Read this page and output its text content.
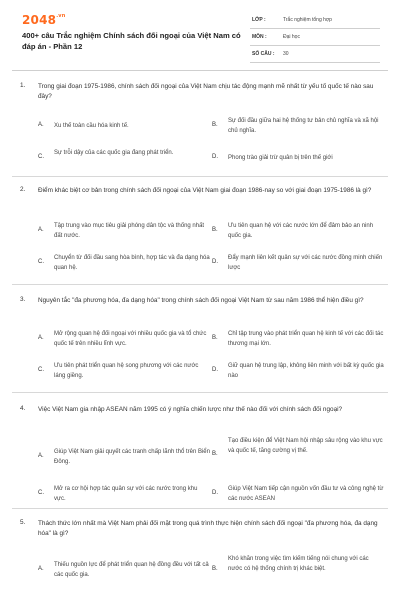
$2048^{.vn}$
400+ câu Trắc nghiệm Chính sách đối ngoại của Việt Nam có đáp án - Phần 12
LỚP :	Trắc nghiệm tổng hợp
MÔN :	Đại học
SỐ CÂU : 30
1. Trong giai đoạn 1975-1986, chính sách đối ngoại của Việt Nam chịu tác động mạnh mẽ nhất từ yếu tố quốc tế nào sau đây?
A. Xu thế toàn cầu hóa kinh tế.	B.
Sự đối đầu giữa hai hệ thống tư bản chủ nghĩa và xã hội chủ nghĩa.
C.
Sự trỗi dậy của các quốc gia đang phát triển.
D. Phong trào giải trừ quân bị trên thế giới
2. Điểm khác biệt cơ bản trong chính sách đối ngoại của Việt Nam giai đoạn 1986-nay so với giai đoạn 1975-1986 là gì?
A.
Tập trung vào mục tiêu giải phóng dân tộc và thống nhất đất nước.
B.
Ưu tiên quan hệ với các nước lớn để đảm bảo an ninh quốc gia.
C.
Chuyển từ đối đầu sang hòa bình, hợp tác và đa dạng hóa quan hệ.
D.
Đẩy mạnh liên kết quân sự với các nước đồng minh chiến lược
3. Nguyên tắc "đa phương hóa, đa dạng hóa" trong chính sách đối ngoại Việt Nam từ sau năm 1986 thể hiện điều gì?
A.
Mở rộng quan hệ đối ngoại với nhiều quốc gia và tổ chức quốc tế trên nhiều lĩnh vực.
B.
Chỉ tập trung vào phát triển quan hệ kinh tế với các đối tác thương mại lớn.
C.
Ưu tiên phát triển quan hệ song phương với các nước láng giềng.
D.
Giữ quan hệ trung lập, không liên minh với bất kỳ quốc gia nào
4. Việc Việt Nam gia nhập ASEAN năm 1995 có ý nghĩa chiến lược như thế nào đối với chính sách đối ngoại?
A.
Giúp Việt Nam giải quyết các tranh chấp lãnh thổ trên Biển Đông.
B.
Tạo điều kiện để Việt Nam hội nhập sâu rộng vào khu vực và quốc tế, tăng cường vị thế.
C.
Mở ra cơ hội hợp tác quân sự với các nước trong khu vực.
D.
Giúp Việt Nam tiếp cận nguồn vốn đầu tư và công nghệ từ các nước ASEAN
5. Thách thức lớn nhất mà Việt Nam phải đối mặt trong quá trình thực hiện chính sách đối ngoại "đa phương hóa, đa dạng hóa" là gì?
A.
Thiếu nguồn lực để phát triển quan hệ đồng đều với tất cả các quốc gia.
B.
Khó khăn trong việc tìm kiếm tiếng nói chung với các nước có hệ thống chính trị khác biệt.
